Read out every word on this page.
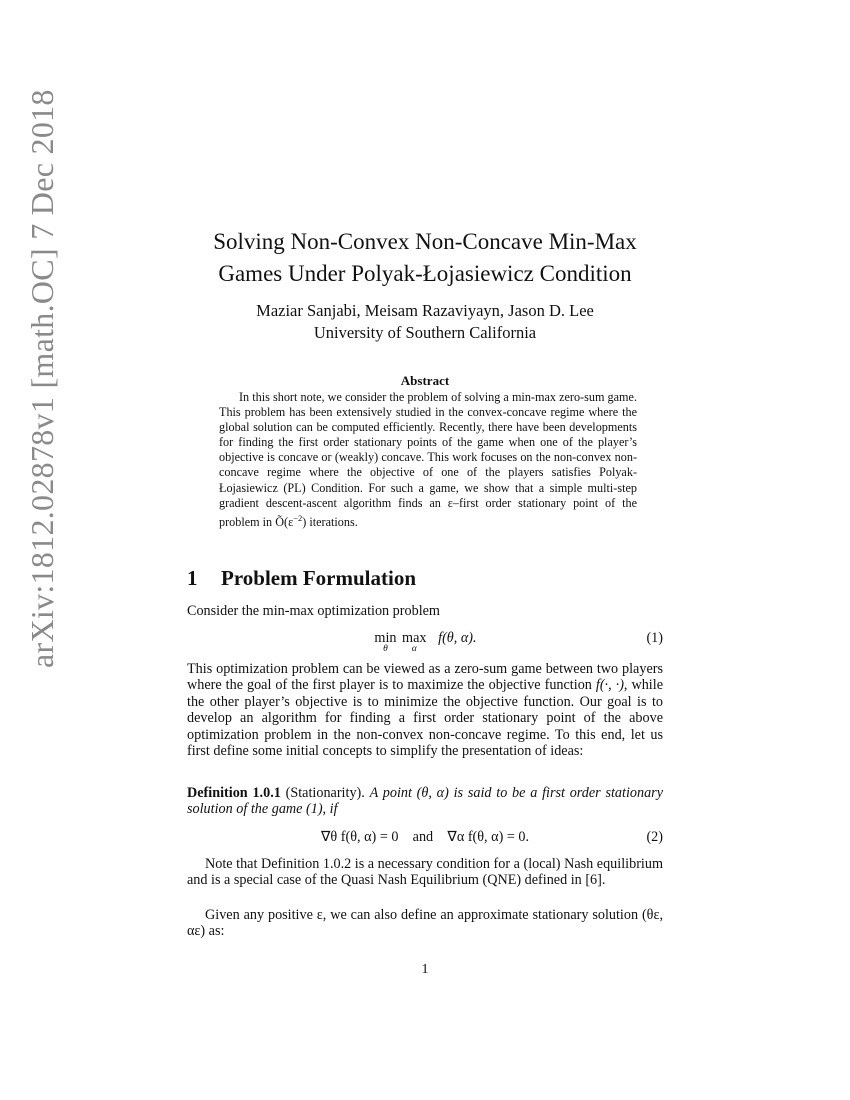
arXiv:1812.02878v1 [math.OC] 7 Dec 2018	Solving Non-Convex Non-Concave Min-Max
Games Under Polyak-Łojasiewicz Condition
Maziar Sanjabi, Meisam Razaviyayn, Jason D. Lee
University of Southern California
Abstract

In this short note, we consider the problem of solving a min-max zero-sum game. This problem has been extensively studied in the convex-concave regime where the global solution can be computed efficiently. Recently, there have been developments for finding the first order stationary points of the game when one of the player’s objective is concave or (weakly) concave. This work focuses on the non-convex non-concave regime where the objective of one of the players satisfies Polyak-Łojasiewicz (PL) Condition. For such a game, we show that a simple multi-step gradient descent-ascent algorithm finds an ε–first order stationary point of the problem in $Õ(\varepsilon^{-2})$ iterations.

1 Problem Formulation

Consider the min-max optimization problem

min
θ
max
α
f(θ, α).	(1)

This optimization problem can be viewed as a zero-sum game between two players where the goal of the first player is to maximize the objective function f(·, ·), while the other player’s objective is to minimize the objective function. Our goal is to develop an algorithm for finding a first order stationary point of the above optimization problem in the non-convex non-concave regime. To this end, let us first define some initial concepts to simplify the presentation of ideas:

Definition 1.0.1 (Stationarity). A point (θ, α) is said to be a first order stationary solution of the game (1), if

∇θ f(θ, α) = 0 and ∇α f(θ, α) = 0.	(2)

Note that Definition 1.0.2 is a necessary condition for a (local) Nash equilibrium and is a special case of the Quasi Nash Equilibrium (QNE) defined in [6].

Given any positive ε, we can also define an approximate stationary solution (θε, αε) as:

1
